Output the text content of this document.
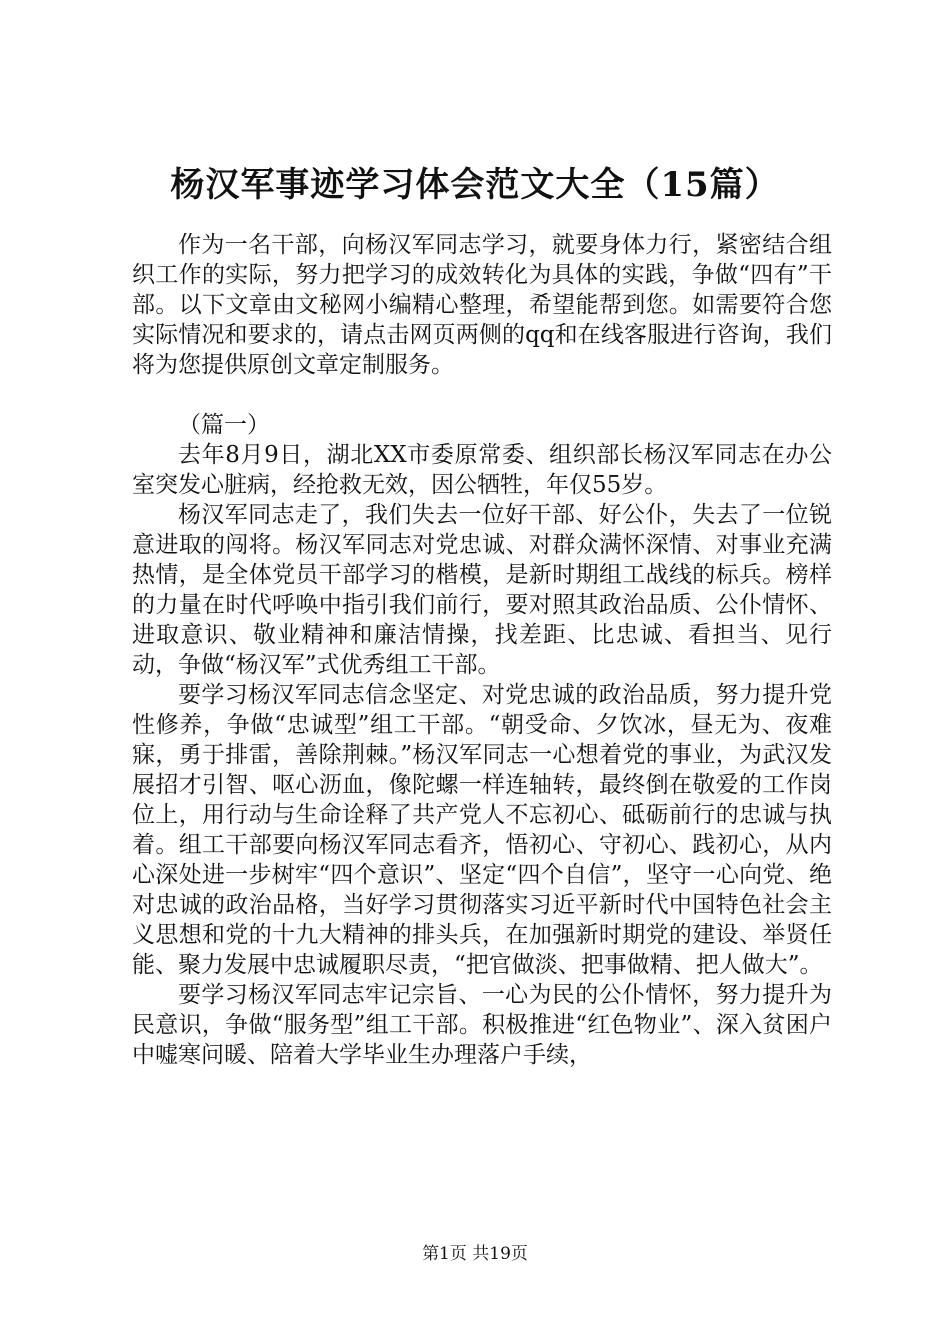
杨汉军事迹学习体会范文大全（15篇）

作为一名干部，向杨汉军同志学习，就要身体力行，紧密结合组织工作的实际，努力把学习的成效转化为具体的实践，争做“四有”干部。以下文章由文秘网小编精心整理，希望能帮到您。如需要符合您实际情况和要求的，请点击网页两侧的qq和在线客服进行咨询，我们将为您提供原创文章定制服务。

（篇一）

去年8月9日，湖北XX市委原常委、组织部长杨汉军同志在办公室突发心脏病，经抢救无效，因公牺牲，年仅55岁。

杨汉军同志走了，我们失去一位好干部、好公仆，失去了一位锐意进取的闯将。杨汉军同志对党忠诚、对群众满怀深情、对事业充满热情，是全体党员干部学习的楷模，是新时期组工战线的标兵。榜样的力量在时代呼唤中指引我们前行，要对照其政治品质、公仆情怀、进取意识、敬业精神和廉洁情操，找差距、比忠诚、看担当、见行动，争做“杨汉军”式优秀组工干部。

要学习杨汉军同志信念坚定、对党忠诚的政治品质，努力提升党性修养，争做“忠诚型”组工干部。“朝受命、夕饮冰，昼无为、夜难寐，勇于排雷，善除荆棘。”杨汉军同志一心想着党的事业，为武汉发展招才引智、呕心沥血，像陀螺一样连轴转，最终倒在敬爱的工作岗位上，用行动与生命诠释了共产党人不忘初心、砥砺前行的忠诚与执着。组工干部要向杨汉军同志看齐，悟初心、守初心、践初心，从内心深处进一步树牢“四个意识”、坚定“四个自信”，坚守一心向党、绝对忠诚的政治品格，当好学习贯彻落实习近平新时代中国特色社会主义思想和党的十九大精神的排头兵，在加强新时期党的建设、举贤任能、聚力发展中忠诚履职尽责，“把官做淡、把事做精、把人做大”。

要学习杨汉军同志牢记宗旨、一心为民的公仆情怀，努力提升为民意识，争做“服务型”组工干部。积极推进“红色物业”、深入贫困户中嘘寒问暖、陪着大学毕业生办理落户手续，

第1页 共19页
